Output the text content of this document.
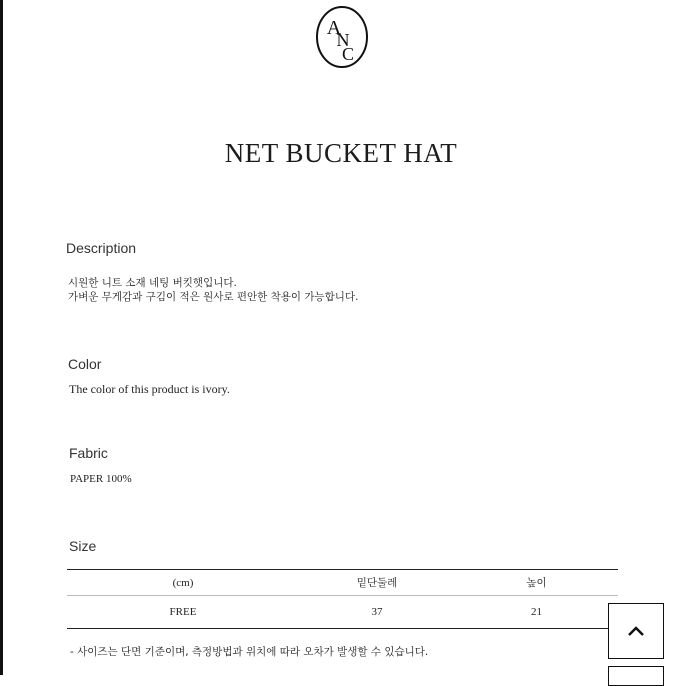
A
N
C
NET BUCKET HAT
Description
시원한 니트 소재 네팅 버킷햇입니다.
가벼운 무게감과 구김이 적은 원사로 편안한 착용이 가능합니다.
Color
The color of this product is ivory.
Fabric
PAPER 100%
Size
(cm)	밑단둘레	높이
FREE	37	21
- 사이즈는 단면 기준이며, 측정방법과 위치에 따라 오차가 발생할 수 있습니다.
